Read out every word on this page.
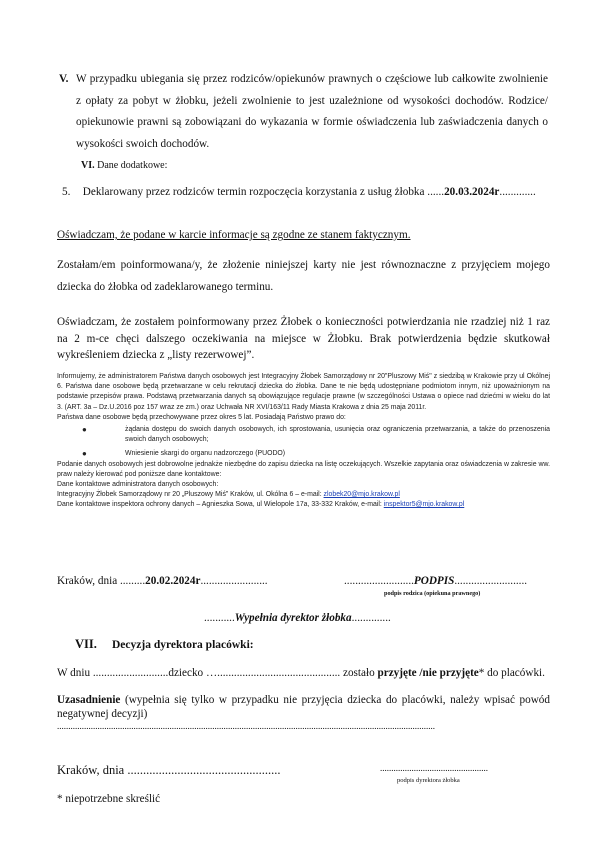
V. W przypadku ubiegania się przez rodziców/opiekunów prawnych o częściowe lub całkowite zwolnienie z opłaty za pobyt w żłobku, jeżeli zwolnienie to jest uzależnione od wysokości dochodów. Rodzice/ opiekunowie prawni są zobowiązani do wykazania w formie oświadczenia lub zaświadczenia danych o wysokości swoich dochodów.
VI. Dane dodatkowe:
5. Deklarowany przez rodziców termin rozpoczęcia korzystania z usług żłobka ......20.03.2024r.............
Oświadczam, że podane w karcie informacje są zgodne ze stanem faktycznym.
Zostałam/em poinformowana/y, że złożenie niniejszej karty nie jest równoznaczne z przyjęciem mojego dziecka do żłobka od zadeklarowanego terminu.
Oświadczam, że zostałem poinformowany przez Żłobek o konieczności potwierdzania nie rzadziej niż 1 raz na 2 m-ce chęci dalszego oczekiwania na miejsce w Żłobku. Brak potwierdzenia będzie skutkował wykreśleniem dziecka z „listy rezerwowej”.
Informujemy, że administratorem Państwa danych osobowych jest Integracyjny Żłobek Samorządowy nr 20"Pluszowy Miś" z siedzibą w Krakowie przy ul Okólnej 6. Państwa dane osobowe będą przetwarzane w celu rekrutacji dziecka do żłobka. Dane te nie będą udostępniane podmiotom innym, niż upoważnionym na podstawie przepisów prawa. Podstawą przetwarzania danych są obowiązujące regulacje prawne (w szczególności Ustawa o opiece nad dziećmi w wieku do lat 3. (ART. 3a – Dz.U.2016 poz 157 wraz ze zm.) oraz Uchwała NR XVI/163/11 Rady Miasta Krakowa z dnia 25 maja 2011r.
Państwa dane osobowe będą przechowywane przez okres 5 lat. Posiadają Państwo prawo do:
●	żądania dostępu do swoich danych osobowych, ich sprostowania, usunięcia oraz ograniczenia przetwarzania, a także do przenoszenia swoich danych osobowych;
●	Wniesienie skargi do organu nadzorczego (PUODO)
Podanie danych osobowych jest dobrowolne jednakże niezbędne do zapisu dziecka na listę oczekujących. Wszelkie zapytania oraz oświadczenia w zakresie ww. praw należy kierować pod poniższe dane kontaktowe:
Dane kontaktowe administratora danych osobowych:
Integracyjny Żłobek Samorządowy nr 20 „Pluszowy Miś” Kraków, ul. Okólna 6 – e-mail: zlobek20@mjo.krakow.pl
Dane kontaktowe inspektora ochrony danych – Agnieszka Sowa, ul Wielopole 17a, 33-332 Kraków, e-mail: inspektor5@mjo.krakow.pl
Kraków, dnia .........20.02.2024r........................	.........................PODPIS..........................
podpis rodzica (opiekuna prawnego)
...........Wypełnia dyrektor żłobka..............
VII. Decyzja dyrektora placówki:
W dniu ...........................dziecko …............................................ zostało przyjęte /nie przyjęte* do placówki.
Uzasadnienie (wypełnia się tylko w przypadku nie przyjęcia dziecka do placówki, należy wpisać powód negatywnej decyzji)
........................................................................................................................................................................
Kraków, dnia .................................................	................................................
podpis dyrektora żłobka
* niepotrzebne skreślić
